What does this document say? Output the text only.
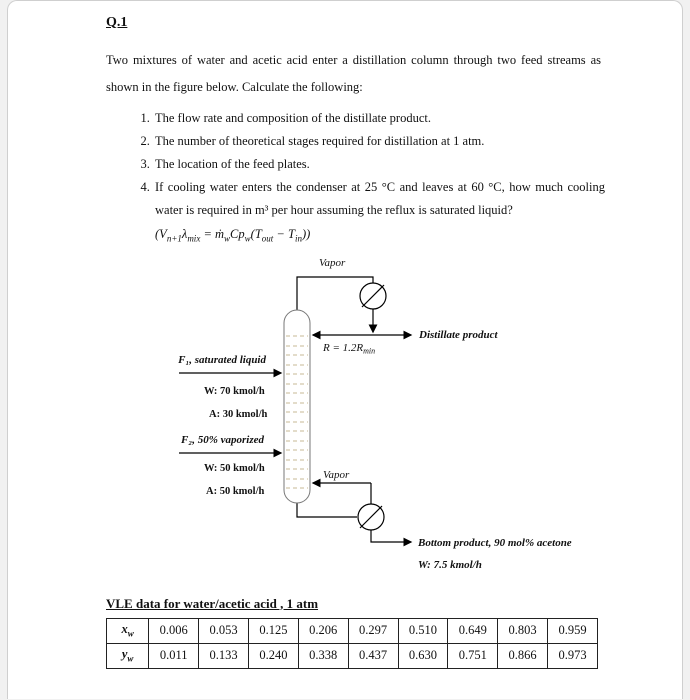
Q.1

Two mixtures of water and acetic acid enter a distillation column through two feed streams as shown in the figure below. Calculate the following:

1. The flow rate and composition of the distillate product.
2. The number of theoretical stages required for distillation at 1 atm.
3. The location of the feed plates.
4. If cooling water enters the condenser at 25 °C and leaves at 60 °C, how much cooling water is required in m³ per hour assuming the reflux is saturated liquid?
($V_{n+1}\lambda_{mix}$ = $ṁ_wCp_w(T_{out} - T_{in})$)
Vapor
Distillate product
$R = 1.2R_{min}$
F₁, saturated liquid
W: 70 kmol/h
A: 30 kmol/h
F₂, 50% vaporized
W: 50 kmol/h
A: 50 kmol/h
Vapor
Bottom product, 90 mol% acetone
W: 7.5 kmol/h
VLE data for water/acetic acid , 1 atm
$x_w$	0.006	0.053	0.125	0.206	0.297	0.510	0.649	0.803	0.959
$y_w$	0.011	0.133	0.240	0.338	0.437	0.630	0.751	0.866	0.973
